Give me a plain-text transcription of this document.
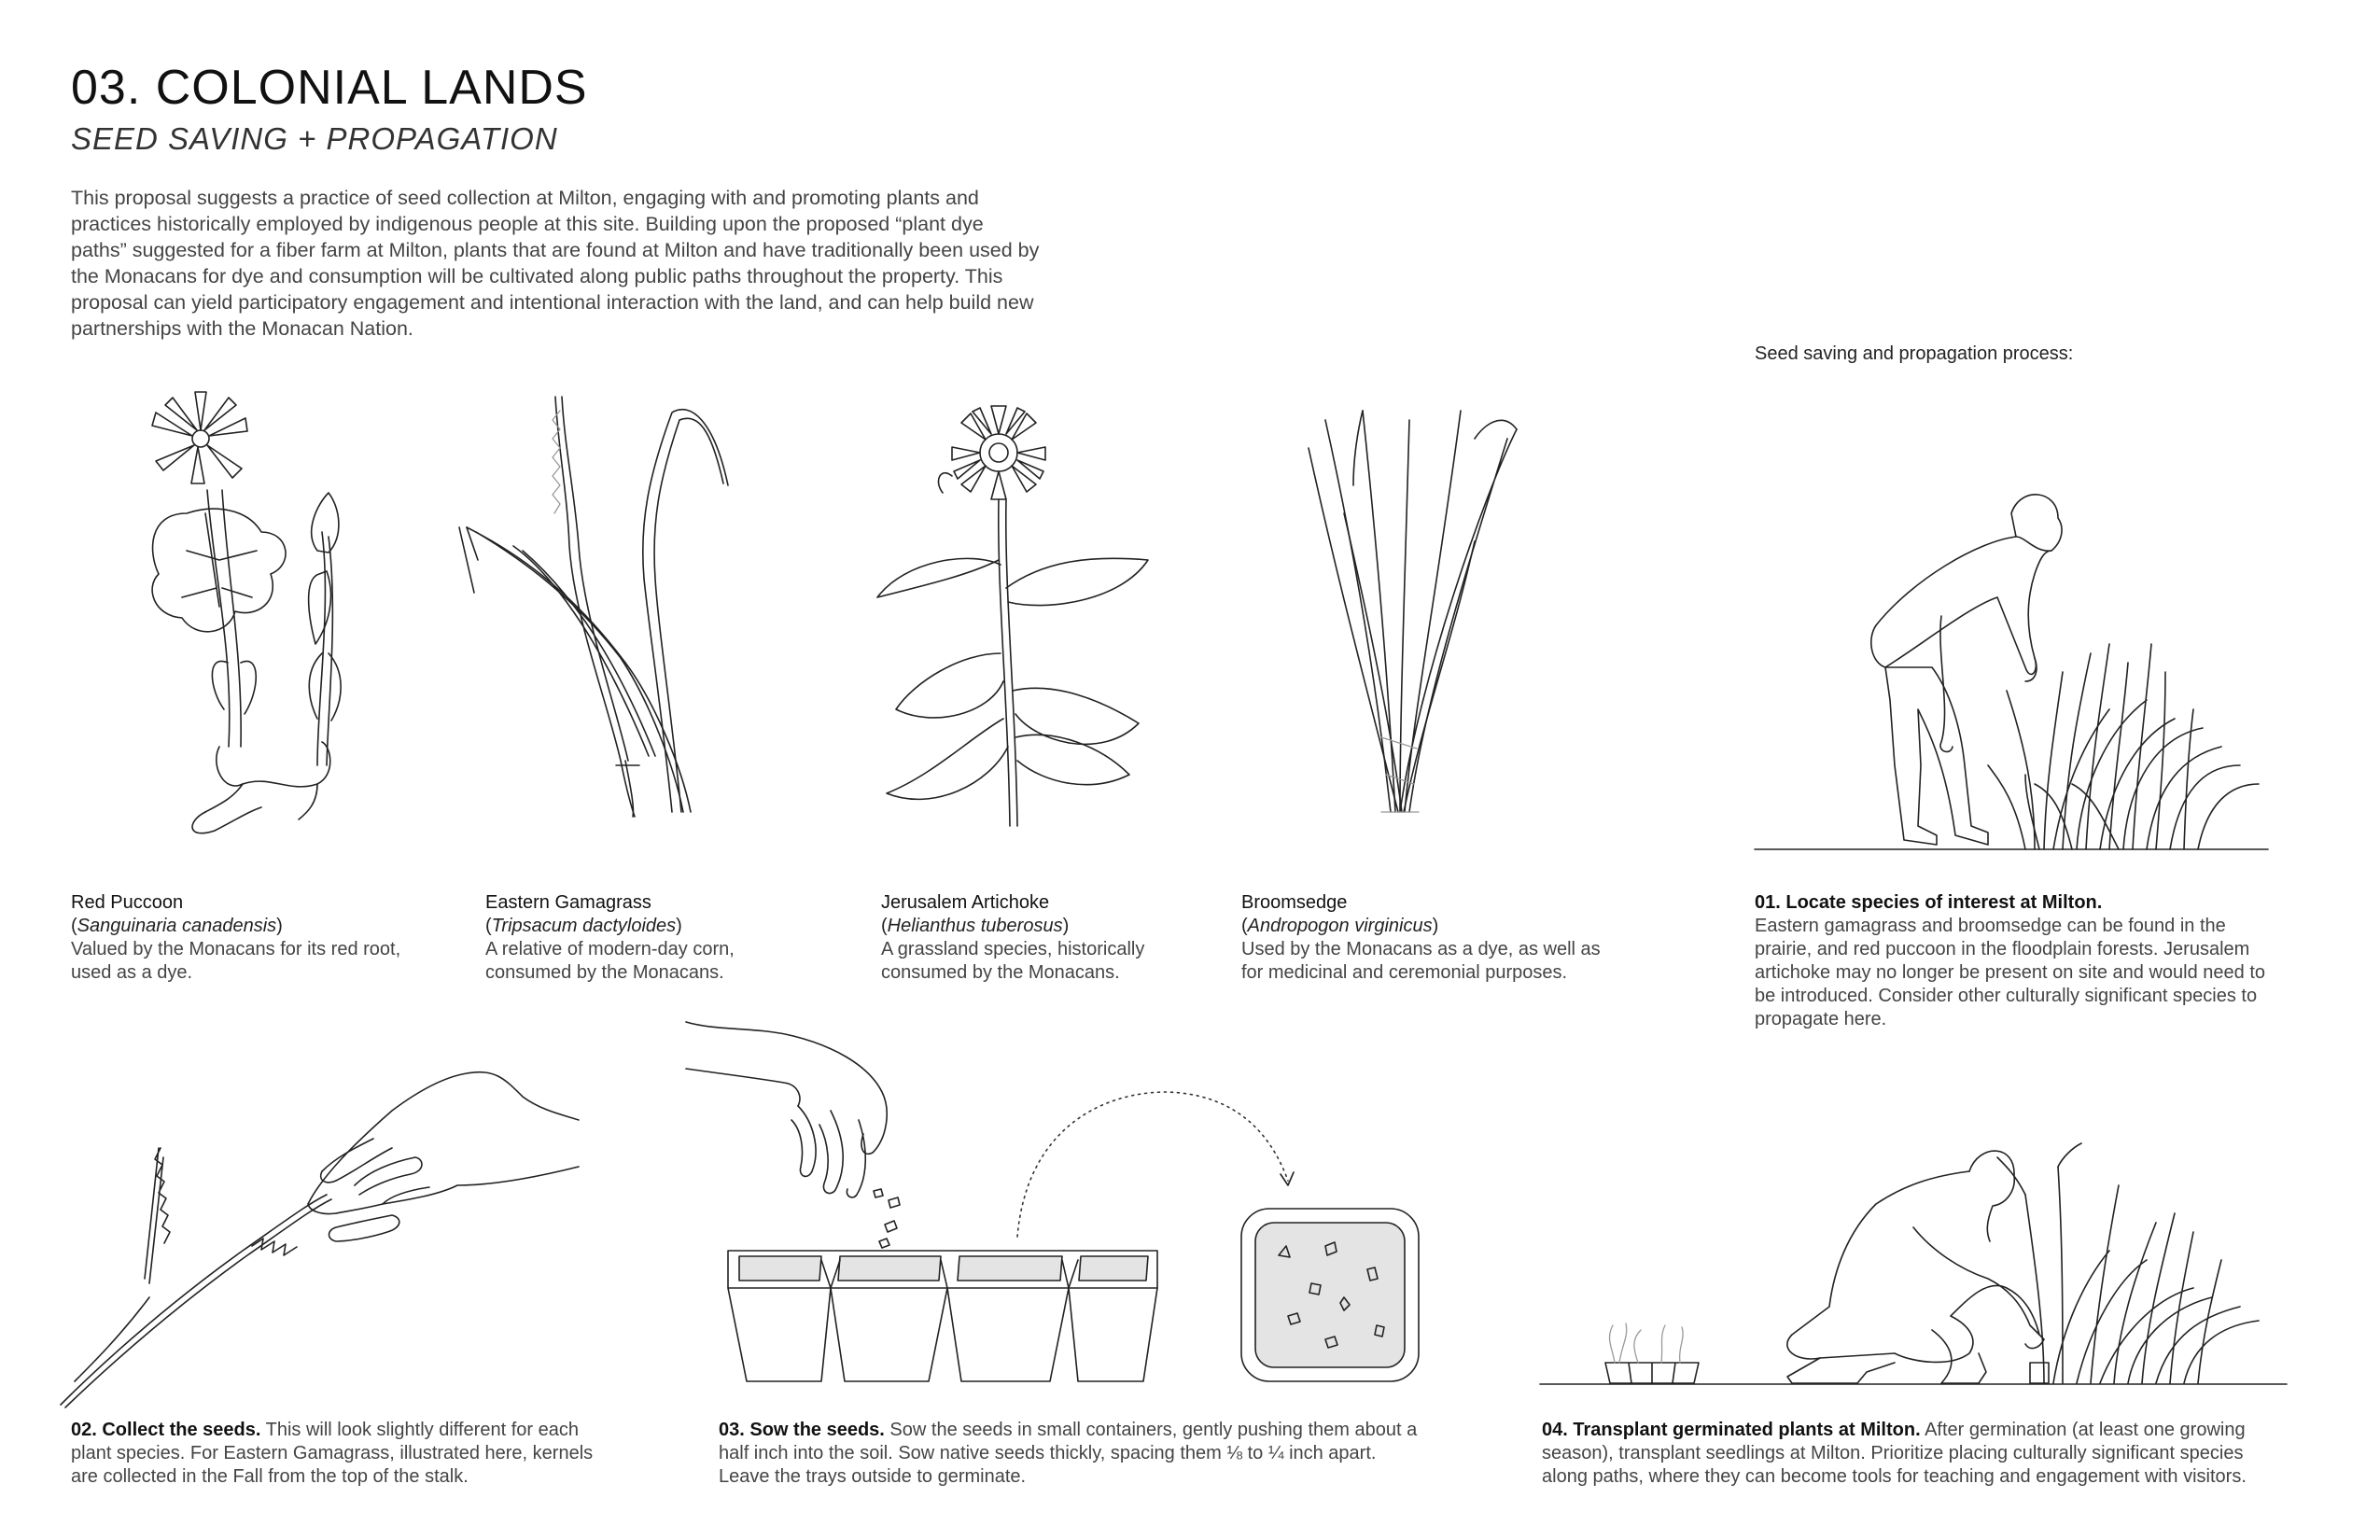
03. COLONIAL LANDS
SEED SAVING + PROPAGATION
This proposal suggests a practice of seed collection at Milton, engaging with and promoting plants and practices historically employed by indigenous people at this site. Building upon the proposed “plant dye paths” suggested for a fiber farm at Milton, plants that are found at Milton and have traditionally been used by the Monacans for dye and consumption will be cultivated along public paths throughout the property. This proposal can yield participatory engagement and intentional interaction with the land, and can help build new partnerships with the Monacan Nation.
Seed saving and propagation process:
Red Puccoon
(Sanguinaria canadensis)
Valued by the Monacans for its red root, used as a dye.
Eastern Gamagrass
(Tripsacum dactyloides)
A relative of modern-day corn, consumed by the Monacans.
Jerusalem Artichoke
(Helianthus tuberosus)
A grassland species, historically consumed by the Monacans.
Broomsedge
(Andropogon virginicus)
Used by the Monacans as a dye, as well as for medicinal and ceremonial purposes.
01. Locate species of interest at Milton.
Eastern gamagrass and broomsedge can be found in the prairie, and red puccoon in the floodplain forests. Jerusalem artichoke may no longer be present on site and would need to be introduced. Consider other culturally significant species to propagate here.
02. Collect the seeds. This will look slightly different for each plant species. For Eastern Gamagrass, illustrated here, kernels are collected in the Fall from the top of the stalk.
03. Sow the seeds. Sow the seeds in small containers, gently pushing them about a half inch into the soil. Sow native seeds thickly, spacing them ⅛ to ¼ inch apart. Leave the trays outside to germinate.
04. Transplant germinated plants at Milton. After germination (at least one growing season), transplant seedlings at Milton. Prioritize placing culturally significant species along paths, where they can become tools for teaching and engagement with visitors.
